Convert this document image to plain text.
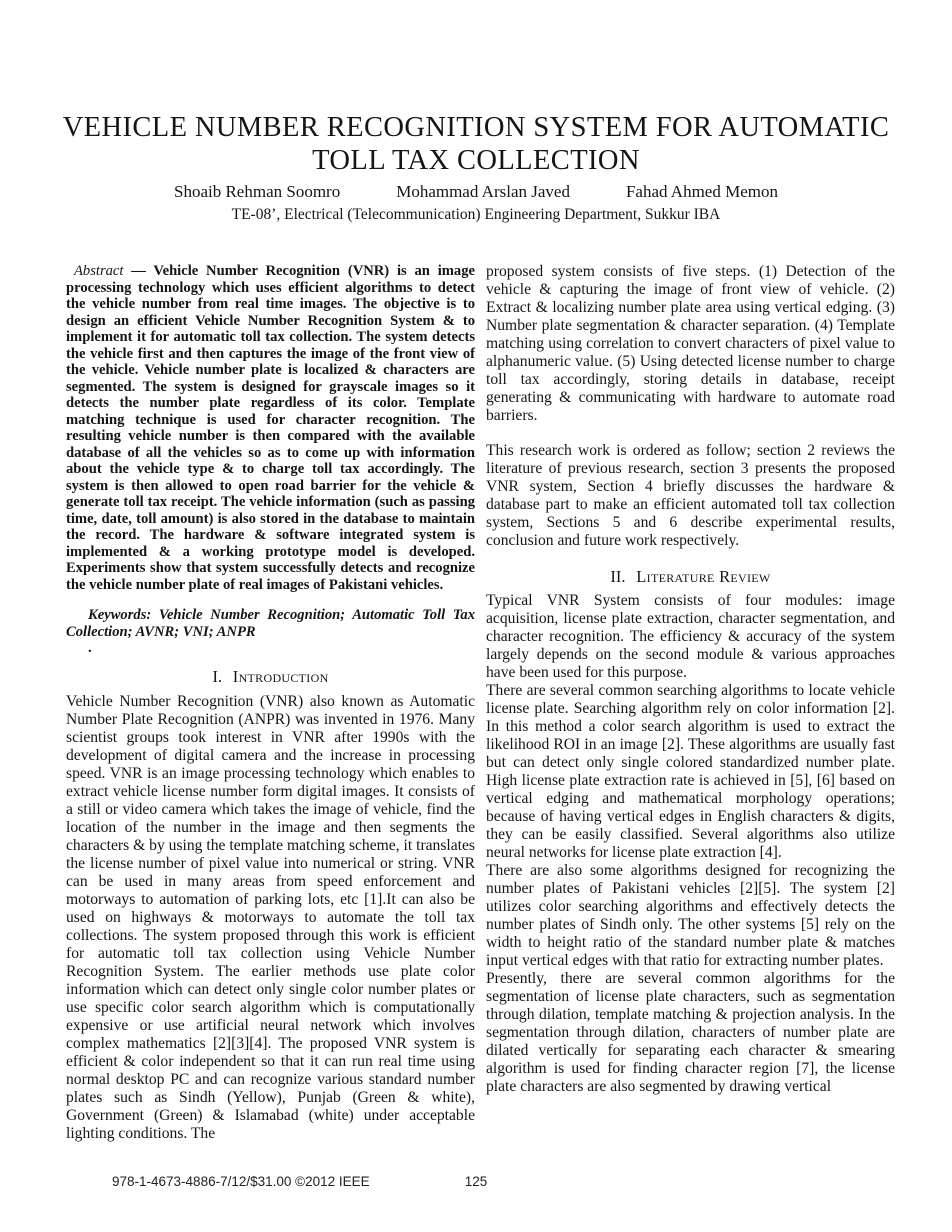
VEHICLE NUMBER RECOGNITION SYSTEM FOR AUTOMATIC
TOLL TAX COLLECTION
Shoaib Rehman Soomro	Mohammad Arslan Javed	Fahad Ahmed Memon
TE-08’, Electrical (Telecommunication) Engineering Department, Sukkur IBA

Abstract — Vehicle Number Recognition (VNR) is an image processing technology which uses efficient algorithms to detect the vehicle number from real time images. The objective is to design an efficient Vehicle Number Recognition System & to implement it for automatic toll tax collection. The system detects the vehicle first and then captures the image of the front view of the vehicle. Vehicle number plate is localized & characters are segmented. The system is designed for grayscale images so it detects the number plate regardless of its color. Template matching technique is used for character recognition. The resulting vehicle number is then compared with the available database of all the vehicles so as to come up with information about the vehicle type & to charge toll tax accordingly. The system is then allowed to open road barrier for the vehicle & generate toll tax receipt. The vehicle information (such as passing time, date, toll amount) is also stored in the database to maintain the record. The hardware & software integrated system is implemented & a working prototype model is developed. Experiments show that system successfully detects and recognize the vehicle number plate of real images of Pakistani vehicles.

Keywords: Vehicle Number Recognition; Automatic Toll Tax Collection; AVNR; VNI; ANPR

.

I. Introduction

Vehicle Number Recognition (VNR) also known as Automatic Number Plate Recognition (ANPR) was invented in 1976. Many scientist groups took interest in VNR after 1990s with the development of digital camera and the increase in processing speed. VNR is an image processing technology which enables to extract vehicle license number form digital images. It consists of a still or video camera which takes the image of vehicle, find the location of the number in the image and then segments the characters & by using the template matching scheme, it translates the license number of pixel value into numerical or string. VNR can be used in many areas from speed enforcement and motorways to automation of parking lots, etc [1].It can also be used on highways & motorways to automate the toll tax collections. The system proposed through this work is efficient for automatic toll tax collection using Vehicle Number Recognition System. The earlier methods use plate color information which can detect only single color number plates or use specific color search algorithm which is computationally expensive or use artificial neural network which involves complex mathematics [2][3][4]. The proposed VNR system is efficient & color independent so that it can run real time using normal desktop PC and can recognize various standard number plates such as Sindh (Yellow), Punjab (Green & white), Government (Green) & Islamabad (white) under acceptable lighting conditions. The

proposed system consists of five steps. (1) Detection of the vehicle & capturing the image of front view of vehicle. (2) Extract & localizing number plate area using vertical edging. (3) Number plate segmentation & character separation. (4) Template matching using correlation to convert characters of pixel value to alphanumeric value. (5) Using detected license number to charge toll tax accordingly, storing details in database, receipt generating & communicating with hardware to automate road barriers.

This research work is ordered as follow; section 2 reviews the literature of previous research, section 3 presents the proposed VNR system, Section 4 briefly discusses the hardware & database part to make an efficient automated toll tax collection system, Sections 5 and 6 describe experimental results, conclusion and future work respectively.

II. Literature Review

Typical VNR System consists of four modules: image acquisition, license plate extraction, character segmentation, and character recognition. The efficiency & accuracy of the system largely depends on the second module & various approaches have been used for this purpose.

There are several common searching algorithms to locate vehicle license plate. Searching algorithm rely on color information [2]. In this method a color search algorithm is used to extract the likelihood ROI in an image [2]. These algorithms are usually fast but can detect only single colored standardized number plate. High license plate extraction rate is achieved in [5], [6] based on vertical edging and mathematical morphology operations; because of having vertical edges in English characters & digits, they can be easily classified. Several algorithms also utilize neural networks for license plate extraction [4].

There are also some algorithms designed for recognizing the number plates of Pakistani vehicles [2][5]. The system [2] utilizes color searching algorithms and effectively detects the number plates of Sindh only. The other systems [5] rely on the width to height ratio of the standard number plate & matches input vertical edges with that ratio for extracting number plates.

Presently, there are several common algorithms for the segmentation of license plate characters, such as segmentation through dilation, template matching & projection analysis. In the segmentation through dilation, characters of number plate are dilated vertically for separating each character & smearing algorithm is used for finding character region [7], the license plate characters are also segmented by drawing vertical

978-1-4673-4886-7/12/$31.00 ©2012 IEEE	125
